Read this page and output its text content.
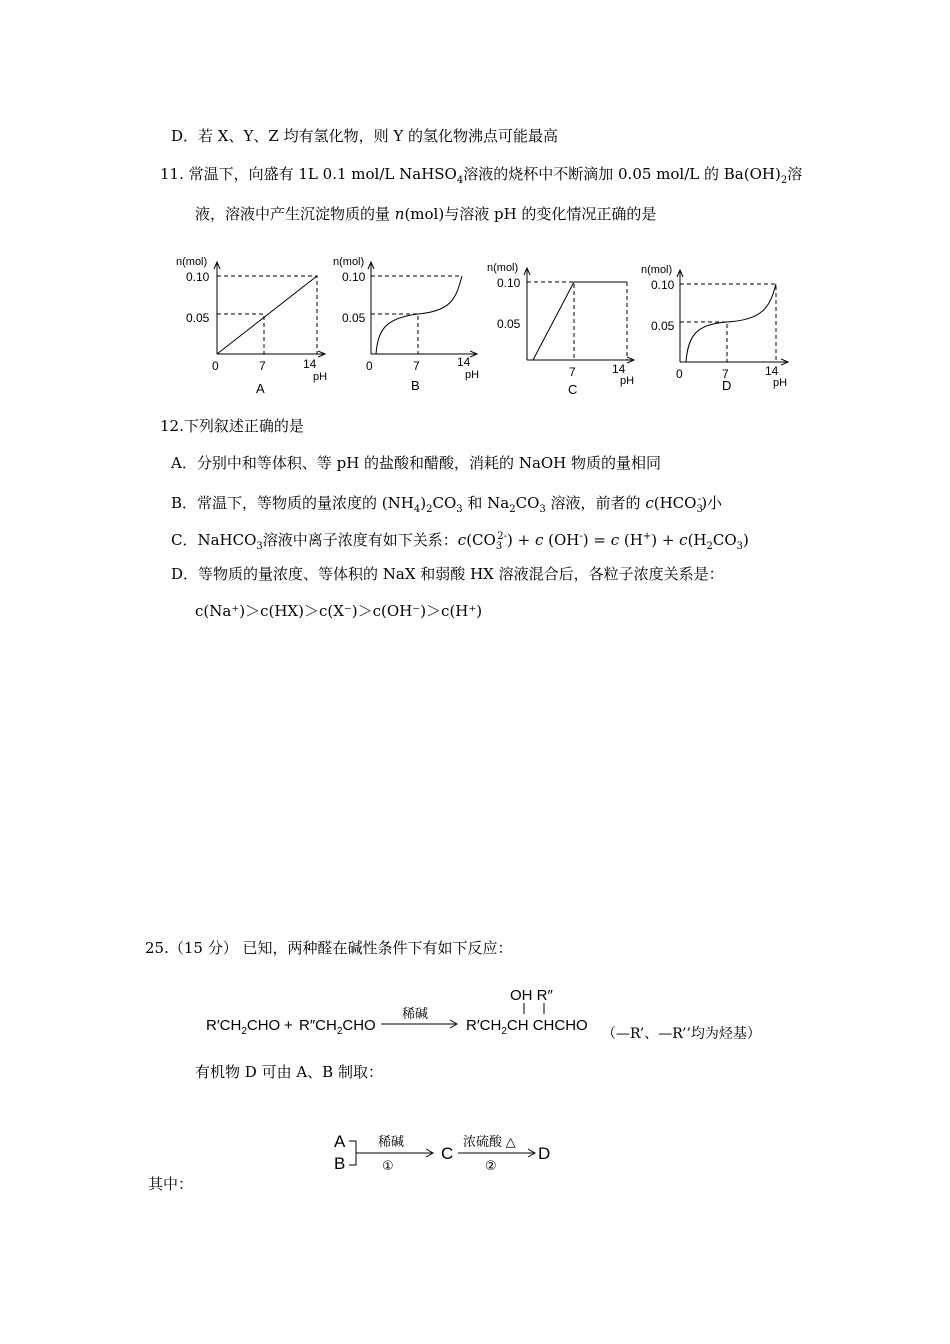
D．若 X、Y、Z 均有氢化物，则 Y 的氢化物沸点可能最高
11. 常温下，向盛有 1L 0.1 mol/L NaHSO$_4$溶液的烧杯中不断滴加 0.05 mol/L 的 $Ba(OH)_2$溶
液，溶液中产生沉淀物质的量 n(mol)与溶液 pH 的变化情况正确的是
n(mol)
0.10
0.05
0	7	14
pH
A
n(mol)
0.10
0.05
0	7	14
pH
B
n(mol)
0.10
0.05
7	14
pH
C
n(mol)
0.10
0.05
0	7	14
pH
D
12.下列叙述正确的是
A．分别中和等体积、等 pH 的盐酸和醋酸，消耗的 NaOH 物质的量相同
B．常温下，等物质的量浓度的 $(NH_4)_2CO_3$ 和 $Na_2CO_3$ 溶液，前者的 $c(HCO_3^-)$小
C．NaHCO$_3$溶液中离子浓度有如下关系：$c(CO_3^{2-}) + c$ (OH-) = c $(H^+) + c(H_2CO_3)$
D．等物质的量浓度、等体积的 NaX 和弱酸 HX 溶液混合后，各粒子浓度关系是：
c(Na⁺)＞c(HX)＞c(X⁻)＞c(OH⁻)＞c(H⁺)
25.（15 分） 已知，两种醛在碱性条件下有如下反应：
$R'CH_2CHO + R''CH_2CHO$
稀碱
OH R″
$R'CH_2CH$ CHCHO （—R’、—R’’均为烃基）
有机物 D 可由 A、B 制取：
A
B
稀碱
①
C
浓硫酸 △
②
D
其中：
